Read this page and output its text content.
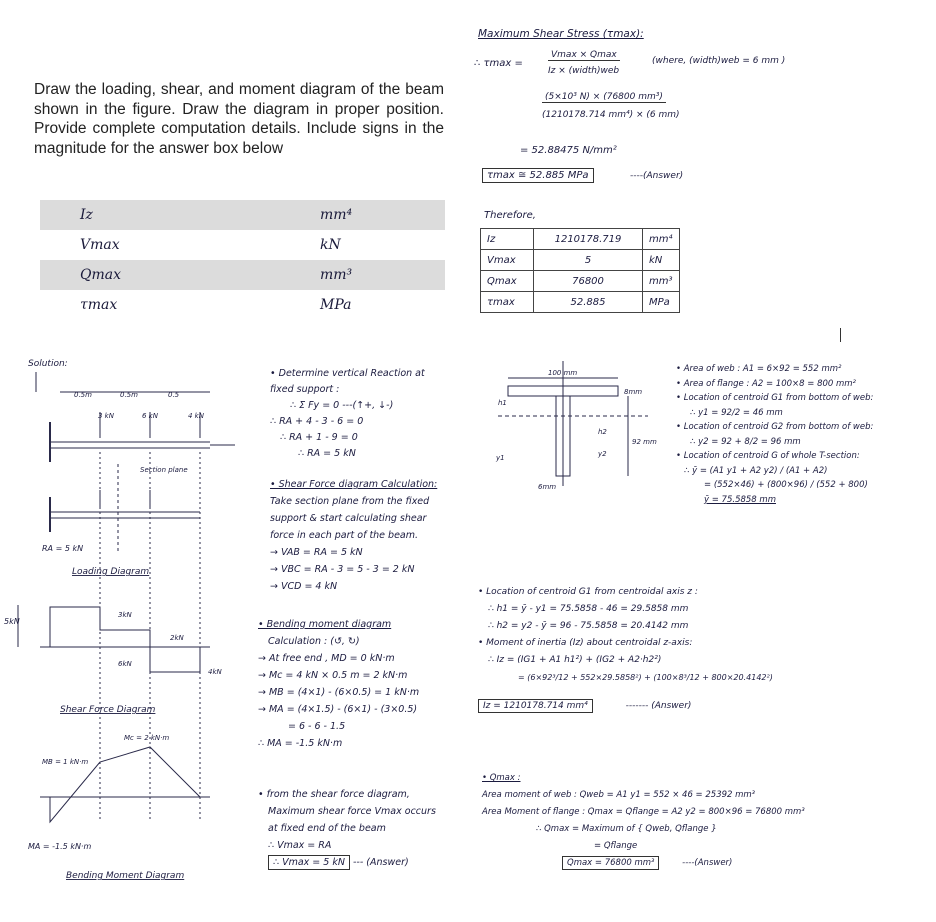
Draw the loading, shear, and moment diagram of the beam shown in the figure. Draw the diagram in proper position. Provide complete computation details. Include signs in the magnitude for the answer box below
Iz	mm⁴
Vmax	kN
Qmax	mm³
τmax	MPa
Maximum Shear Stress (τmax):
∴ τmax =
Vmax × Qmax
Iz × (width)web
(where, (width)web = 6 mm )
(5×10³ N) × (76800 mm³)
(1210178.714 mm⁴) × (6 mm)
= 52.88475 N/mm²
τmax ≅ 52.885 MPa	----(Answer)
Therefore,
Iz	1210178.719	mm⁴
Vmax	5	kN
Qmax	76800	mm³
τmax	52.885	MPa
Solution:
0.5m	0.5m	0.5
3 kN	6 kN	4 kN
Section plane
RA = 5 kN
Loading Diagram
5kN
3kN
2kN
6kN
4kN
Shear Force Diagram
MB = 1 kN·m
Mc = 2 kN·m
MA = -1.5 kN·m
Bending Moment Diagram
• Determine vertical Reaction at
fixed support :
∴ Σ Fy = 0 ---(↑+, ↓-)
∴ RA + 4 - 3 - 6 = 0
∴ RA + 1 - 9 = 0
∴ RA = 5 kN
• Shear Force diagram Calculation:
Take section plane from the fixed
support & start calculating shear
force in each part of the beam.
→ VAB = RA = 5 kN
→ VBC = RA - 3 = 5 - 3 = 2 kN
→ VCD = 4 kN
• Bending moment diagram
Calculation : (↺, ↻)
→ At free end , MD = 0 kN·m
→ Mc = 4 kN × 0.5 m = 2 kN·m
→ MB = (4×1) - (6×0.5) = 1 kN·m
→ MA = (4×1.5) - (6×1) - (3×0.5)
= 6 - 6 - 1.5
∴ MA = -1.5 kN·m
• from the shear force diagram,
Maximum shear force Vmax occurs
at fixed end of the beam
∴ Vmax = RA
∴ Vmax = 5 kN --- (Answer)
100 mm
8mm
92 mm
6mm
h1
h2
y1	y2
• Area of web : A1 = 6×92 = 552 mm²
• Area of flange : A2 = 100×8 = 800 mm²
• Location of centroid G1 from bottom of web:
∴ y1 = 92/2 = 46 mm
• Location of centroid G2 from bottom of web:
∴ y2 = 92 + 8/2 = 96 mm
• Location of centroid G of whole T-section:
∴ ȳ = (A1 y1 + A2 y2) / (A1 + A2)
= (552×46) + (800×96) / (552 + 800)
ȳ = 75.5858 mm
• Location of centroid G1 from centroidal axis z :
∴ h1 = ȳ - y1 = 75.5858 - 46 = 29.5858 mm
∴ h2 = y2 - ȳ = 96 - 75.5858 = 20.4142 mm
• Moment of inertia (Iz) about centroidal z-axis:
∴ Iz = (IG1 + A1 h1²) + (IG2 + A2·h2²)
= (6×92³/12 + 552×29.5858²) + (100×8³/12 + 800×20.4142²)
Iz = 1210178.714 mm⁴	------- (Answer)
• Qmax :
Area moment of web : Qweb = A1 y1 = 552 × 46 = 25392 mm³
Area Moment of flange : Qmax = Qflange = A2 y2 = 800×96 = 76800 mm³
∴ Qmax = Maximum of { Qweb, Qflange }
= Qflange
Qmax = 76800 mm³	----(Answer)
